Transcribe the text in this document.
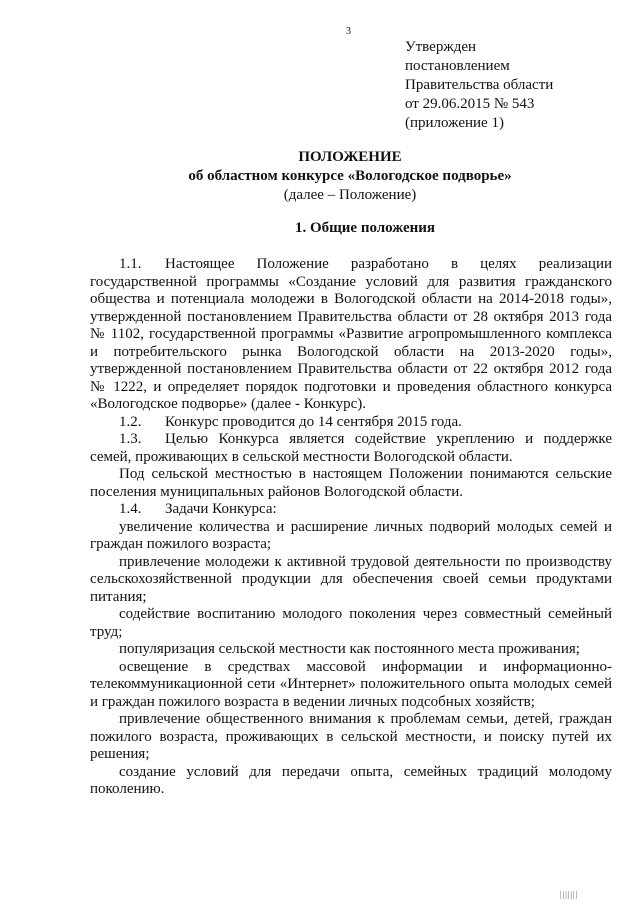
3
Утвержден
постановлением
Правительства области
от 29.06.2015 № 543
(приложение 1)
ПОЛОЖЕНИЕ
об областном конкурсе «Вологодское подворье»
(далее – Положение)
1. Общие положения

1.1. Настоящее Положение разработано в целях реализации государственной программы «Создание условий для развития гражданского общества и потенциала молодежи в Вологодской области на 2014-2018 годы», утвержденной постановлением Правительства области от 28 октября 2013 года № 1102, государственной программы «Развитие агропромышленного комплекса и потребительского рынка Вологодской области на 2013-2020 годы», утвержденной постановлением Правительства области от 22 октября 2012 года № 1222, и определяет порядок подготовки и проведения областного конкурса «Вологодское подворье» (далее - Конкурс).

1.2. Конкурс проводится до 14 сентября 2015 года.

1.3. Целью Конкурса является содействие укреплению и поддержке семей, проживающих в сельской местности Вологодской области.

Под сельской местностью в настоящем Положении понимаются сельские поселения муниципальных районов Вологодской области.

1.4. Задачи Конкурса:

увеличение количества и расширение личных подворий молодых семей и граждан пожилого возраста;

привлечение молодежи к активной трудовой деятельности по производству сельскохозяйственной продукции для обеспечения своей семьи продуктами питания;

содействие воспитанию молодого поколения через совместный семейный труд;

популяризация сельской местности как постоянного места проживания;

освещение в средствах массовой информации и информационно-телекоммуникационной сети «Интернет» положительного опыта молодых семей и граждан пожилого возраста в ведении личных подсобных хозяйств;

привлечение общественного внимания к проблемам семьи, детей, граждан пожилого возраста, проживающих в сельской местности, и поиску путей их решения;

создание условий для передачи опыта, семейных традиций молодому поколению.

|||||||
